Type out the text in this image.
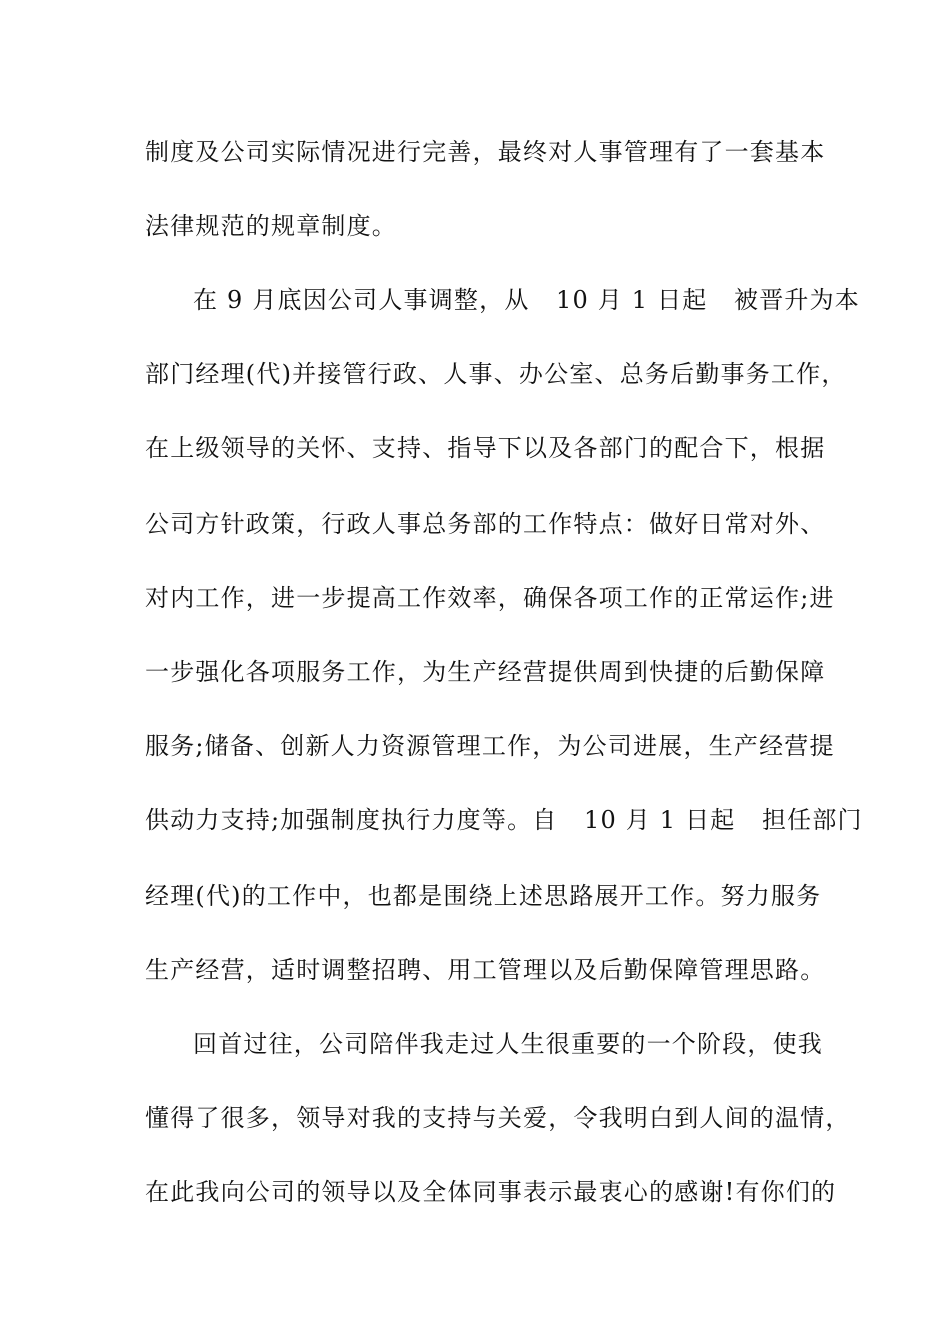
制度及公司实际情况进行完善，最终对人事管理有了一套基本
法律规范的规章制度。
在 9 月底因公司人事调整，从   10 月 1 日起   被晋升为本
部门经理(代)并接管行政、人事、办公室、总务后勤事务工作，
在上级领导的关怀、支持、指导下以及各部门的配合下，根据
公司方针政策，行政人事总务部的工作特点：做好日常对外、
对内工作，进一步提高工作效率，确保各项工作的正常运作;进
一步强化各项服务工作，为生产经营提供周到快捷的后勤保障
服务;储备、创新人力资源管理工作，为公司进展，生产经营提
供动力支持;加强制度执行力度等。自   10 月 1 日起   担任部门
经理(代)的工作中，也都是围绕上述思路展开工作。努力服务
生产经营，适时调整招聘、用工管理以及后勤保障管理思路。
回首过往，公司陪伴我走过人生很重要的一个阶段，使我
懂得了很多，领导对我的支持与关爱，令我明白到人间的温情，
在此我向公司的领导以及全体同事表示最衷心的感谢!有你们的
